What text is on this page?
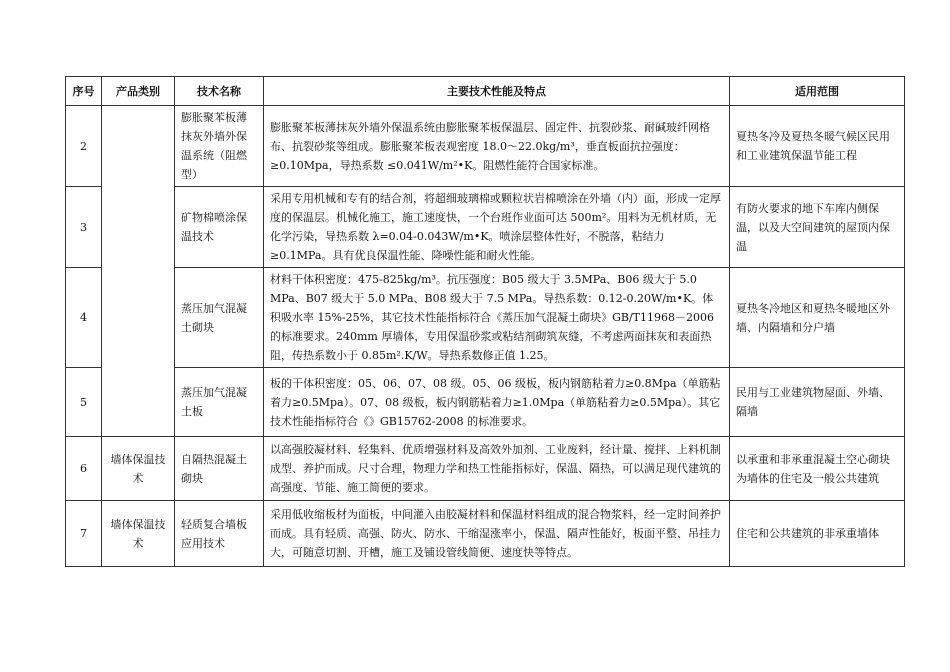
序号	产品类别	技术名称	主要技术性能及特点	适用范围
2		膨胀聚苯板薄抹灰外墙外保温系统（阻燃型）	膨胀聚苯板薄抹灰外墙外保温系统由膨胀聚苯板保温层、固定件、抗裂砂浆、耐碱玻纤网格布、抗裂砂浆等组成。膨胀聚苯板表观密度 18.0～22.0kg/m³，垂直板面抗拉强度：≥0.10Mpa，导热系数 ≤0.041W/m²•K。阻燃性能符合国家标准。	夏热冬冷及夏热冬暖气候区民用和工业建筑保温节能工程
3		矿物棉喷涂保温技术	采用专用机械和专有的结合剂，将超细玻璃棉或颗粒状岩棉喷涂在外墙（内）面，形成一定厚度的保温层。机械化施工，施工速度快，一个台班作业面可达 500m²。用料为无机材质，无化学污染，导热系数 λ=0.04-0.043W/m•K。喷涂层整体性好，不脱落，粘结力≥0.1MPa。具有优良保温性能、降噪性能和耐火性能。	有防火要求的地下车库内侧保温，以及大空间建筑的屋顶内保温
4		蒸压加气混凝土砌块	材料干体积密度：475-825kg/m³。抗压强度：B05 级大于 3.5MPa、B06 级大于 5.0 MPa、B07 级大于 5.0 MPa、B08 级大于 7.5 MPa。导热系数：0.12-0.20W/m•K。体积吸水率 15%-25%，其它技术性能指标符合《蒸压加气混凝土砌块》GB/T11968－2006 的标准要求。240mm 厚墙体，专用保温砂浆或粘结剂砌筑灰缝，不考虑两面抹灰和表面热阻，传热系数小于 0.85m².K/W。导热系数修正值 1.25。	夏热冬冷地区和夏热冬暖地区外墙、内隔墙和分户墙
5		蒸压加气混凝土板	板的干体积密度：05、06、07、08 级。05、06 级板，板内钢筋粘着力≥0.8Mpa（单筋粘着力≥0.5Mpa）。07、08 级板，板内钢筋粘着力≥1.0Mpa（单筋粘着力≥0.5Mpa）。其它技术性能指标符合《》GB15762-2008 的标准要求。	民用与工业建筑物屋面、外墙、隔墙
6	墙体保温技术	自隔热混凝土砌块	以高强胶凝材料、轻集料、优质增强材料及高效外加剂、工业废料，经计量、搅拌、上料机制成型、养护而成。尺寸合理，物理力学和热工性能指标好，保温、隔热，可以满足现代建筑的高强度、节能、施工简便的要求。	以承重和非承重混凝土空心砌块为墙体的住宅及一般公共建筑
7	墙体保温技术	轻质复合墙板应用技术	采用低收缩板材为面板，中间灌入由胶凝材料和保温材料组成的混合物浆料，经一定时间养护而成。具有轻质、高强、防火、防水、干缩湿涨率小，保温、隔声性能好，板面平整、吊挂力大，可随意切割、开槽，施工及铺设管线简便、速度快等特点。	住宅和公共建筑的非承重墙体
